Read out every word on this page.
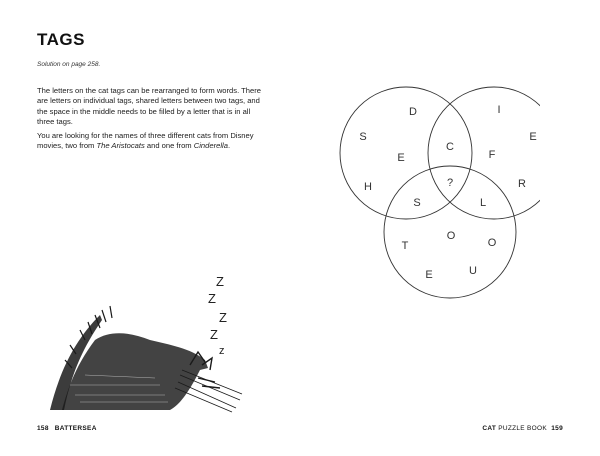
TAGS
Solution on page 258.

The letters on the cat tags can be rearranged to form words. There are letters on individual tags, shared letters between two tags, and the space in the middle needs to be filled by a letter that is in all three tags.

You are looking for the names of three different cats from Disney movies, two from The Aristocats and one from Cinderella.

D
S
E
H
I
E
F
R
C
?
S	L
O
T	O
E	U
Z
Z
Z
Z
z
158 BATTERSEA	CAT PUZZLE BOOK 159
